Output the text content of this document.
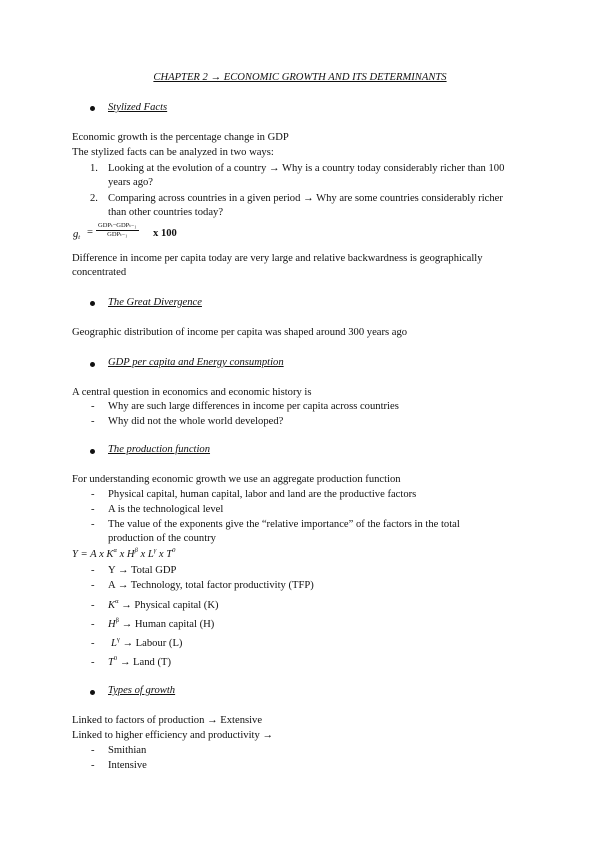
CHAPTER 2 → ECONOMIC GROWTH AND ITS DETERMINANTS
Stylized Facts
Economic growth is the percentage change in GDP
The stylized facts can be analyzed in two ways:
1. Looking at the evolution of a country → Why is a country today considerably richer than 100
years ago?
2. Comparing across countries in a given period → Why are some countries considerably richer
than other countries today?
$g_t$ =
GDPₜ−GDPₜ₋₁
GDPₜ₋₁ x 100
Difference in income per capita today are very large and relative backwardness is geographically
concentrated
The Great Divergence
Geographic distribution of income per capita was shaped around 300 years ago
GDP per capita and Energy consumption
A central question in economics and economic history is
- Why are such large differences in income per capita across countries
- Why did not the whole world developed?
The production function
For understanding economic growth we use an aggregate production function
- Physical capital, human capital, labor and land are the productive factors
- A is the technological level
- The value of the exponents give the “relative importance” of the factors in the total
production of the country
Y = A x $K^\alpha$ x $H^\beta$ x $L^\gamma$ x $T^0$
- Y → Total GDP
- A → Technology, total factor productivity (TFP)
- $K^\alpha$ → Physical capital (K)
- $H^\beta$ → Human capital (H)
- $L^\gamma$ → Labour (L)
- $T^0$ → Land (T)
Types of growth
Linked to factors of production → Extensive
Linked to higher efficiency and productivity →
- Smithian
- Intensive
